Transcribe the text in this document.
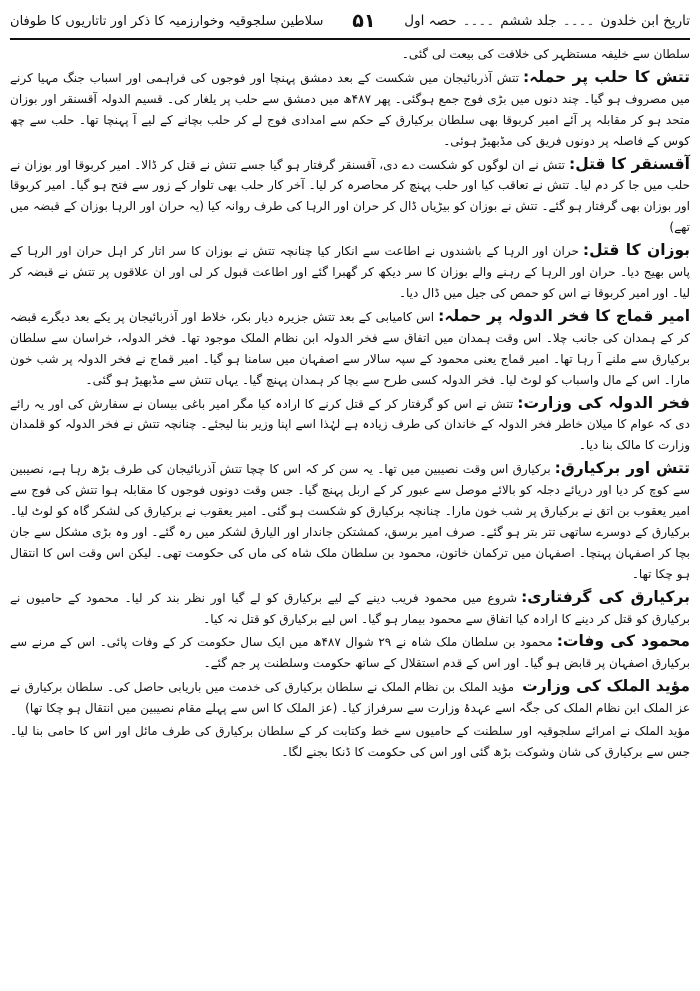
تاریخ ابن خلدون
۔۔۔۔
جلد ششم
۔۔۔۔
حصہ اول
۵۱
سلاطین سلجوقیہ وخوارزمیہ کا ذکر اور تاتاریوں کا طوفان

سلطان سے خلیفہ مستظہر کی خلافت کی بیعت لی گئی۔

تتش کا حلب پر حملہ:تتش آذربائیجان میں شکست کے بعد دمشق پہنچا اور فوجوں کی فراہمی اور اسباب جنگ مہیا کرنے میں مصروف ہو گیا۔ چند دنوں میں بڑی فوج جمع ہوگئی۔ پھر ۴۸۷ھ میں دمشق سے حلب پر یلغار کی۔ قسیم الدولہ آقسنقر اور بوزان متحد ہو کر مقابلہ پر آئے امیر کربوقا بھی سلطان برکیارق کے حکم سے امدادی فوج لے کر حلب بچانے کے لیے آ پہنچا تھا۔ حلب سے چھ کوس کے فاصلہ پر دونوں فریق کی مڈبھیڑ ہوئی۔

آقسنقر کا قتل:تتش نے ان لوگوں کو شکست دے دی، آقسنقر گرفتار ہو گیا جسے تتش نے قتل کر ڈالا۔ امیر کربوقا اور بوزان نے حلب میں جا کر دم لیا۔ تتش نے تعاقب کیا اور حلب پہنچ کر محاصرہ کر لیا۔ آخر کار حلب بھی تلوار کے زور سے فتح ہو گیا۔ امیر کربوقا اور بوزان بھی گرفتار ہو گئے۔ تتش نے بوزان کو بیڑیاں ڈال کر حران اور الرہا کی طرف روانہ کیا (یہ حران اور الرہا بوزان کے قبضہ میں تھے)

بوزان کا قتل:حران اور الرہا کے باشندوں نے اطاعت سے انکار کیا چنانچہ تتش نے بوزان کا سر اتار کر اہل حران اور الرہا کے پاس بھیج دیا۔ حران اور الرہا کے رہنے والے بوزان کا سر دیکھ کر گھبرا گئے اور اطاعت قبول کر لی اور ان علاقوں پر تتش نے قبضہ کر لیا۔ اور امیر کربوقا نے اس کو حمص کی جیل میں ڈال دیا۔

امیر قماج کا فخر الدولہ پر حملہ:اس کامیابی کے بعد تتش جزیرہ دیار بکر، خلاط اور آذربائیجان پر یکے بعد دیگرے قبضہ کر کے ہمدان کی جانب چلا۔ اس وقت ہمدان میں اتفاق سے فخر الدولہ ابن نظام الملک موجود تھا۔ فخر الدولہ، خراسان سے سلطان برکیارق سے ملنے آ رہا تھا۔ امیر قماج یعنی محمود کے سپہ سالار سے اصفہان میں سامنا ہو گیا۔ امیر قماج نے فخر الدولہ پر شب خون مارا۔ اس کے مال واسباب کو لوٹ لیا۔ فخر الدولہ کسی طرح سے بچا کر ہمدان پہنچ گیا۔ یہاں تتش سے مڈبھیڑ ہو گئی۔

فخر الدولہ کی وزارت:تتش نے اس کو گرفتار کر کے قتل کرنے کا ارادہ کیا مگر امیر باغی بیسان نے سفارش کی اور یہ رائے دی کہ عوام کا میلان خاطر فخر الدولہ کے خاندان کی طرف زیادہ ہے لہٰذا اسے اپنا وزیر بنا لیجئے۔ چنانچہ تتش نے فخر الدولہ کو قلمدان وزارت کا مالک بنا دیا۔

تتش اور برکیارق:برکیارق اس وقت نصیبین میں تھا۔ یہ سن کر کہ اس کا چچا تتش آذربائیجان کی طرف بڑھ رہا ہے، نصیبین سے کوچ کر دیا اور دریائے دجلہ کو بالائے موصل سے عبور کر کے اربل پہنچ گیا۔ جس وقت دونوں فوجوں کا مقابلہ ہوا تتش کی فوج سے امیر یعقوب بن اتق نے برکیارق پر شب خون مارا۔ چنانچہ برکیارق کو شکست ہو گئی۔ امیر یعقوب نے برکیارق کی لشکر گاہ کو لوٹ لیا۔ برکیارق کے دوسرے ساتھی تتر بتر ہو گئے۔ صرف امیر برسق، کمشتکن جاندار اور الیارق لشکر میں رہ گئے۔ اور وہ بڑی مشکل سے جان بچا کر اصفہان پہنچا۔ اصفہان میں ترکمان خاتون، محمود بن سلطان ملک شاہ کی ماں کی حکومت تھی۔ لیکن اس وقت اس کا انتقال ہو چکا تھا۔

برکیارق کی گرفتاری:شروع میں محمود فریب دینے کے لیے برکیارق کو لے گیا اور نظر بند کر لیا۔ محمود کے حامیوں نے برکیارق کو قتل کر دینے کا ارادہ کیا اتفاق سے محمود بیمار ہو گیا۔ اس لیے برکیارق کو قتل نہ کیا۔

محمود کی وفات:محمود بن سلطان ملک شاہ نے ۲۹ شوال ۴۸۷ھ میں ایک سال حکومت کر کے وفات پائی۔ اس کے مرنے سے برکیارق اصفہان پر قابض ہو گیا۔ اور اس کے قدم استقلال کے ساتھ حکومت وسلطنت پر جم گئے۔

مؤید الملک کی وزارت مؤید الملک بن نظام الملک نے سلطان برکیارق کی خدمت میں باریابی حاصل کی۔ سلطان برکیارق نے عز الملک ابن نظام الملک کی جگہ اسے عہدۂ وزارت سے سرفراز کیا۔ (عز الملک کا اس سے پہلے مقام نصیبین میں انتقال ہو چکا تھا)

مؤید الملک نے امرائے سلجوقیہ اور سلطنت کے حامیوں سے خط وکتابت کر کے سلطان برکیارق کی طرف مائل اور اس کا حامی بنا لیا۔ جس سے برکیارق کی شان وشوکت بڑھ گئی اور اس کی حکومت کا ڈنکا بجنے لگا۔
